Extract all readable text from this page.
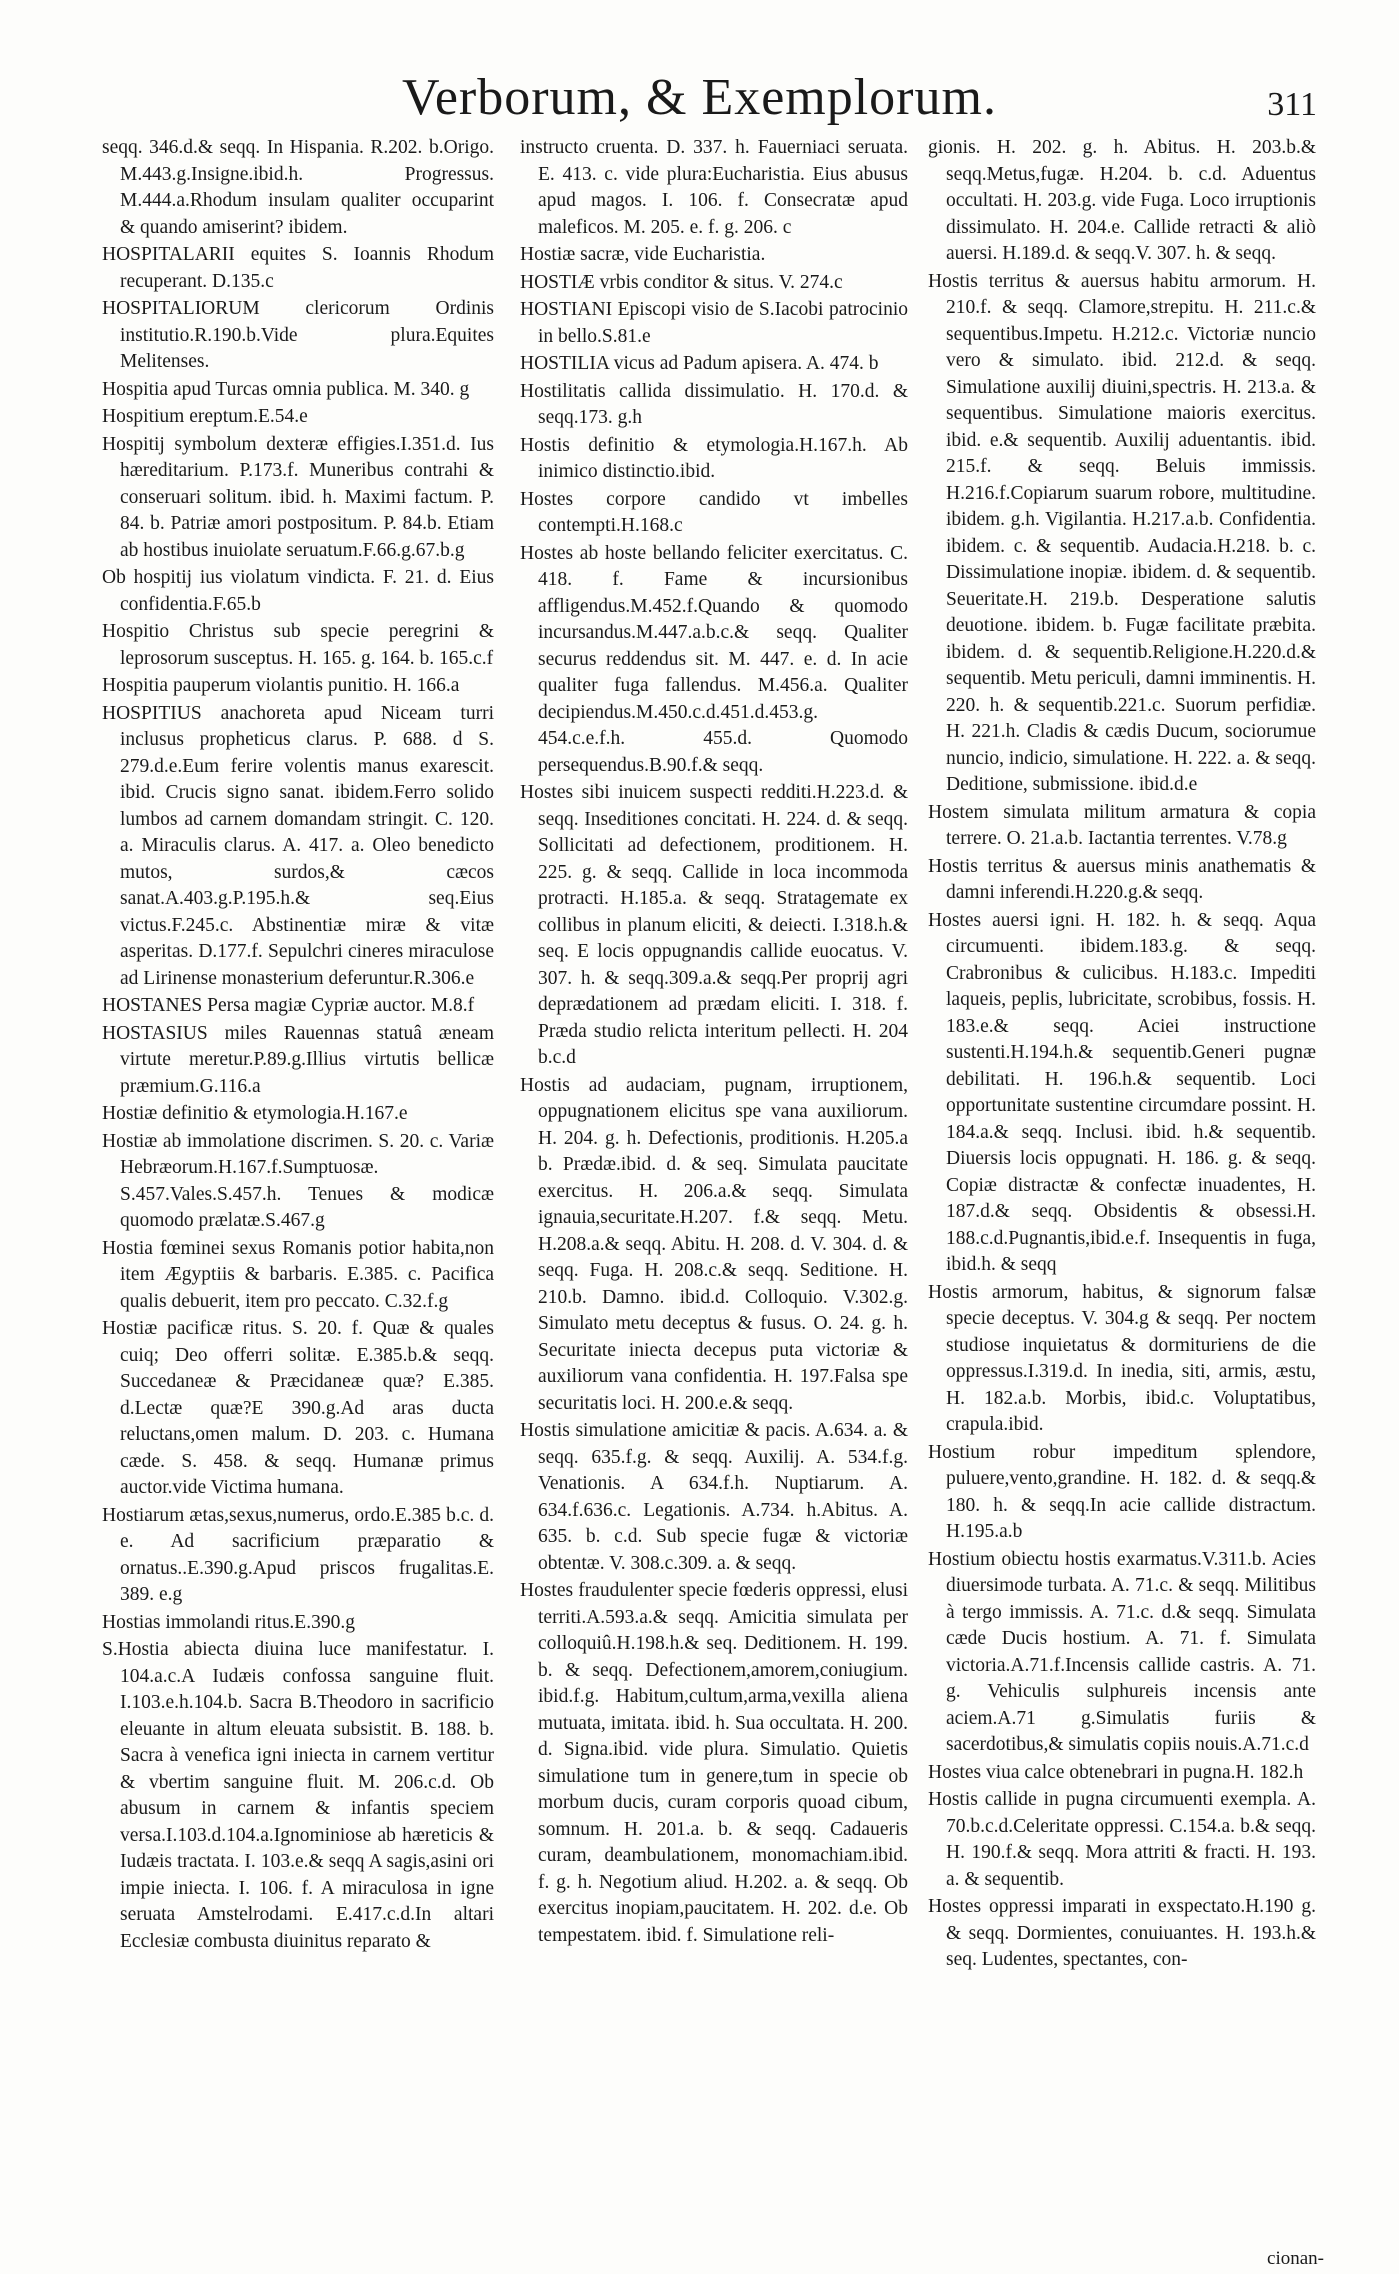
Verborum, & Exemplorum.	311

seqq. 346.d.& seqq. In Hispania. R.202. b.Origo. M.443.g.Insigne.ibid.h. Progressus. M.444.a.Rhodum insulam qualiter occuparint & quando amiserint? ibidem.

HOSPITALARII equites S. Ioannis Rhodum recuperant. D.135.c

HOSPITALIORUM clericorum Ordinis institutio.R.190.b.Vide plura.Equites Melitenses.

Hospitia apud Turcas omnia publica. M. 340. g

Hospitium ereptum.E.54.e

Hospitij symbolum dexteræ effigies.I.351.d. Ius hæreditarium. P.173.f. Muneribus contrahi & conseruari solitum. ibid. h. Maximi factum. P. 84. b. Patriæ amori postpositum. P. 84.b. Etiam ab hostibus inuiolate seruatum.F.66.g.67.b.g

Ob hospitij ius violatum vindicta. F. 21. d. Eius confidentia.F.65.b

Hospitio Christus sub specie peregrini & leprosorum susceptus. H. 165. g. 164. b. 165.c.f

Hospitia pauperum violantis punitio. H. 166.a

HOSPITIUS anachoreta apud Niceam turri inclusus propheticus clarus. P. 688. d S. 279.d.e.Eum ferire volentis manus exarescit. ibid. Crucis signo sanat. ibidem.Ferro solido lumbos ad carnem domandam stringit. C. 120. a. Miraculis clarus. A. 417. a. Oleo benedicto mutos, surdos,& cæcos sanat.A.403.g.P.195.h.& seq.Eius victus.F.245.c. Abstinentiæ miræ & vitæ asperitas. D.177.f. Sepulchri cineres miraculose ad Lirinense monasterium deferuntur.R.306.e

HOSTANES Persa magiæ Cypriæ auctor. M.8.f

HOSTASIUS miles Rauennas statuâ æneam virtute meretur.P.89.g.Illius virtutis bellicæ præmium.G.116.a

Hostiæ definitio & etymologia.H.167.e

Hostiæ ab immolatione discrimen. S. 20. c. Variæ Hebræorum.H.167.f.Sumptuosæ. S.457.Vales.S.457.h. Tenues & modicæ quomodo prælatæ.S.467.g

Hostia fœminei sexus Romanis potior habita,non item Ægyptiis & barbaris. E.385. c. Pacifica qualis debuerit, item pro peccato. C.32.f.g

Hostiæ pacificæ ritus. S. 20. f. Quæ & quales cuiq; Deo offerri solitæ. E.385.b.& seqq. Succedaneæ & Præcidaneæ quæ? E.385. d.Lectæ quæ?E 390.g.Ad aras ducta reluctans,omen malum. D. 203. c. Humana cæde. S. 458. & seqq. Humanæ primus auctor.vide Victima humana.

Hostiarum ætas,sexus,numerus, ordo.E.385 b.c. d. e. Ad sacrificium præparatio & ornatus..E.390.g.Apud priscos frugalitas.E. 389. e.g

Hostias immolandi ritus.E.390.g

S.Hostia abiecta diuina luce manifestatur. I. 104.a.c.A Iudæis confossa sanguine fluit. I.103.e.h.104.b. Sacra B.Theodoro in sacrificio eleuante in altum eleuata subsistit. B. 188. b. Sacra à venefica igni iniecta in carnem vertitur & vbertim sanguine fluit. M. 206.c.d. Ob abusum in carnem & infantis speciem versa.I.103.d.104.a.Ignominiose ab hæreticis & Iudæis tractata. I. 103.e.& seqq A sagis,asini ori impie iniecta. I. 106. f. A miraculosa in igne seruata Amstelrodami. E.417.c.d.In altari Ecclesiæ combusta diuinitus reparato &

instructo cruenta. D. 337. h. Fauerniaci seruata. E. 413. c. vide plura:Eucharistia. Eius abusus apud magos. I. 106. f. Consecratæ apud maleficos. M. 205. e. f. g. 206. c

Hostiæ sacræ, vide Eucharistia.

HOSTIÆ vrbis conditor & situs. V. 274.c

HOSTIANI Episcopi visio de S.Iacobi patrocinio in bello.S.81.e

HOSTILIA vicus ad Padum apisera. A. 474. b

Hostilitatis callida dissimulatio. H. 170.d. & seqq.173. g.h

Hostis definitio & etymologia.H.167.h. Ab inimico distinctio.ibid.

Hostes corpore candido vt imbelles contempti.H.168.c

Hostes ab hoste bellando feliciter exercitatus. C. 418. f. Fame & incursionibus affligendus.M.452.f.Quando & quomodo incursandus.M.447.a.b.c.& seqq. Qualiter securus reddendus sit. M. 447. e. d. In acie qualiter fuga fallendus. M.456.a. Qualiter decipiendus.M.450.c.d.451.d.453.g. 454.c.e.f.h. 455.d. Quomodo persequendus.B.90.f.& seqq.

Hostes sibi inuicem suspecti redditi.H.223.d. & seqq. Inseditiones concitati. H. 224. d. & seqq. Sollicitati ad defectionem, proditionem. H. 225. g. & seqq. Callide in loca incommoda protracti. H.185.a. & seqq. Stratagemate ex collibus in planum eliciti, & deiecti. I.318.h.& seq. E locis oppugnandis callide euocatus. V. 307. h. & seqq.309.a.& seqq.Per proprij agri deprædationem ad prædam eliciti. I. 318. f. Præda studio relicta interitum pellecti. H. 204 b.c.d

Hostis ad audaciam, pugnam, irruptionem, oppugnationem elicitus spe vana auxiliorum. H. 204. g. h. Defectionis, proditionis. H.205.a b. Prædæ.ibid. d. & seq. Simulata paucitate exercitus. H. 206.a.& seqq. Simulata ignauia,securitate.H.207. f.& seqq. Metu. H.208.a.& seqq. Abitu. H. 208. d. V. 304. d. & seqq. Fuga. H. 208.c.& seqq. Seditione. H. 210.b. Damno. ibid.d. Colloquio. V.302.g. Simulato metu deceptus & fusus. O. 24. g. h. Securitate iniecta decepus puta victoriæ & auxiliorum vana confidentia. H. 197.Falsa spe securitatis loci. H. 200.e.& seqq.

Hostis simulatione amicitiæ & pacis. A.634. a. & seqq. 635.f.g. & seqq. Auxilij. A. 534.f.g. Venationis. A 634.f.h. Nuptiarum. A. 634.f.636.c. Legationis. A.734. h.Abitus. A. 635. b. c.d. Sub specie fugæ & victoriæ obtentæ. V. 308.c.309. a. & seqq.

Hostes fraudulenter specie fœderis oppressi, elusi territi.A.593.a.& seqq. Amicitia simulata per colloquiû.H.198.h.& seq. Deditionem. H. 199. b. & seqq. Defectionem,amorem,coniugium. ibid.f.g. Habitum,cultum,arma,vexilla aliena mutuata, imitata. ibid. h. Sua occultata. H. 200. d. Signa.ibid. vide plura. Simulatio. Quietis simulatione tum in genere,tum in specie ob morbum ducis, curam corporis quoad cibum, somnum. H. 201.a. b. & seqq. Cadaueris curam, deambulationem, monomachiam.ibid. f. g. h. Negotium aliud. H.202. a. & seqq. Ob exercitus inopiam,paucitatem. H. 202. d.e. Ob tempestatem. ibid. f. Simulatione reli-

gionis. H. 202. g. h. Abitus. H. 203.b.& seqq.Metus,fugæ. H.204. b. c.d. Aduentus occultati. H. 203.g. vide Fuga. Loco irruptionis dissimulato. H. 204.e. Callide retracti & aliò auersi. H.189.d. & seqq.V. 307. h. & seqq.

Hostis territus & auersus habitu armorum. H. 210.f. & seqq. Clamore,strepitu. H. 211.c.& sequentibus.Impetu. H.212.c. Victoriæ nuncio vero & simulato. ibid. 212.d. & seqq. Simulatione auxilij diuini,spectris. H. 213.a. & sequentibus. Simulatione maioris exercitus. ibid. e.& sequentib. Auxilij aduentantis. ibid. 215.f. & seqq. Beluis immissis. H.216.f.Copiarum suarum robore, multitudine. ibidem. g.h. Vigilantia. H.217.a.b. Confidentia. ibidem. c. & sequentib. Audacia.H.218. b. c. Dissimulatione inopiæ. ibidem. d. & sequentib. Seueritate.H. 219.b. Desperatione salutis deuotione. ibidem. b. Fugæ facilitate præbita. ibidem. d. & sequentib.Religione.H.220.d.& sequentib. Metu periculi, damni imminentis. H. 220. h. & sequentib.221.c. Suorum perfidiæ. H. 221.h. Cladis & cædis Ducum, sociorumue nuncio, indicio, simulatione. H. 222. a. & seqq. Deditione, submissione. ibid.d.e

Hostem simulata militum armatura & copia terrere. O. 21.a.b. Iactantia terrentes. V.78.g

Hostis territus & auersus minis anathematis & damni inferendi.H.220.g.& seqq.

Hostes auersi igni. H. 182. h. & seqq. Aqua circumuenti. ibidem.183.g. & seqq. Crabronibus & culicibus. H.183.c. Impediti laqueis, peplis, lubricitate, scrobibus, fossis. H. 183.e.& seqq. Aciei instructione sustenti.H.194.h.& sequentib.Generi pugnæ debilitati. H. 196.h.& sequentib. Loci opportunitate sustentine circumdare possint. H. 184.a.& seqq. Inclusi. ibid. h.& sequentib. Diuersis locis oppugnati. H. 186. g. & seqq. Copiæ distractæ & confectæ inuadentes, H. 187.d.& seqq. Obsidentis & obsessi.H. 188.c.d.Pugnantis,ibid.e.f. Insequentis in fuga, ibid.h. & seqq

Hostis armorum, habitus, & signorum falsæ specie deceptus. V. 304.g & seqq. Per noctem studiose inquietatus & dormituriens de die oppressus.I.319.d. In inedia, siti, armis, æstu, H. 182.a.b. Morbis, ibid.c. Voluptatibus, crapula.ibid.

Hostium robur impeditum splendore, puluere,vento,grandine. H. 182. d. & seqq.& 180. h. & seqq.In acie callide distractum. H.195.a.b

Hostium obiectu hostis exarmatus.V.311.b. Acies diuersimode turbata. A. 71.c. & seqq. Militibus à tergo immissis. A. 71.c. d.& seqq. Simulata cæde Ducis hostium. A. 71. f. Simulata victoria.A.71.f.Incensis callide castris. A. 71. g. Vehiculis sulphureis incensis ante aciem.A.71 g.Simulatis furiis & sacerdotibus,& simulatis copiis nouis.A.71.c.d

Hostes viua calce obtenebrari in pugna.H. 182.h

Hostis callide in pugna circumuenti exempla. A. 70.b.c.d.Celeritate oppressi. C.154.a. b.& seqq. H. 190.f.& seqq. Mora attriti & fracti. H. 193. a. & sequentib.

Hostes oppressi imparati in exspectato.H.190 g. & seqq. Dormientes, conuiuantes. H. 193.h.& seq. Ludentes, spectantes, con-

cionan-
